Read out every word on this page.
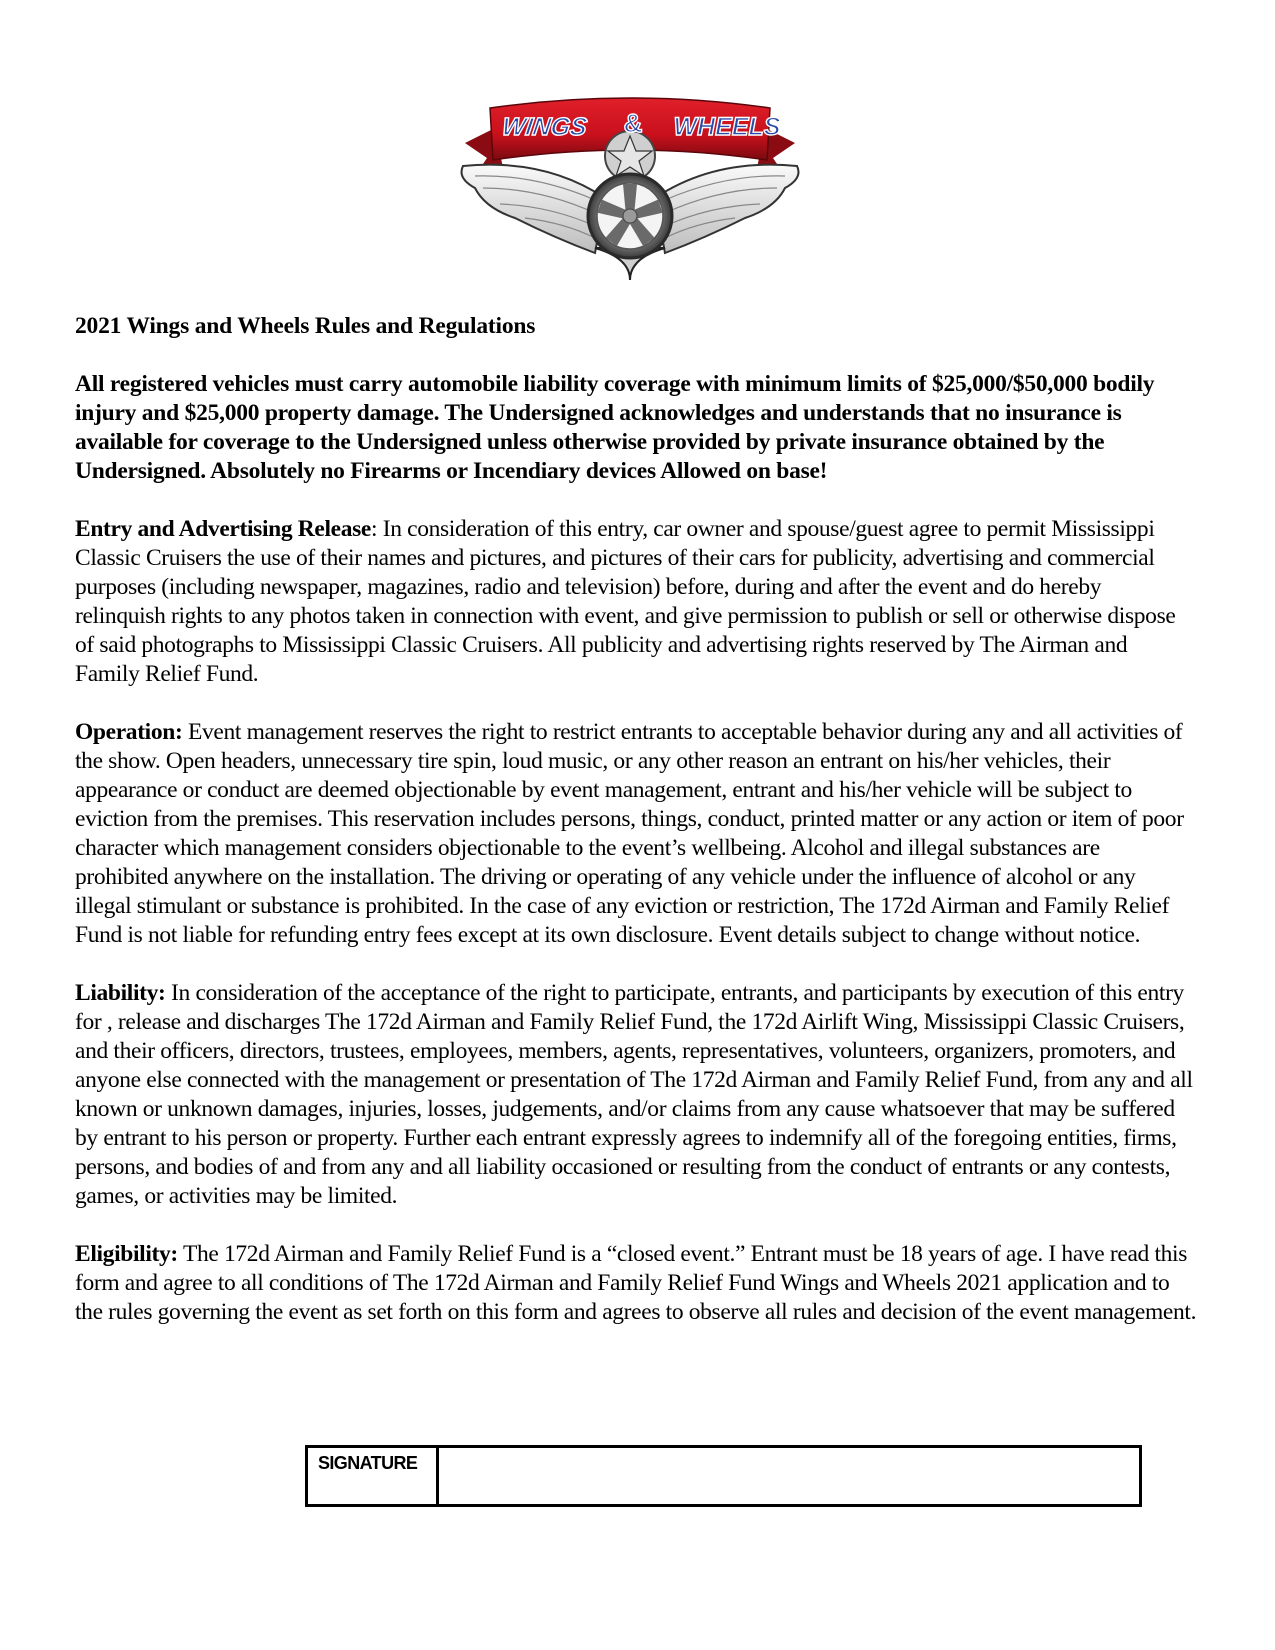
WINGS & WHEELS

2021 Wings and Wheels Rules and Regulations

All registered vehicles must carry automobile liability coverage with minimum limits of $25,000/$50,000 bodily injury and $25,000 property damage. The Undersigned acknowledges and understands that no insurance is available for coverage to the Undersigned unless otherwise provided by private insurance obtained by the Undersigned. Absolutely no Firearms or Incendiary devices Allowed on base!

Entry and Advertising Release: In consideration of this entry, car owner and spouse/guest agree to permit Mississippi Classic Cruisers the use of their names and pictures, and pictures of their cars for publicity, advertising and commercial purposes (including newspaper, magazines, radio and television) before, during and after the event and do hereby relinquish rights to any photos taken in connection with event, and give permission to publish or sell or otherwise dispose of said photographs to Mississippi Classic Cruisers. All publicity and advertising rights reserved by The Airman and Family Relief Fund.

Operation: Event management reserves the right to restrict entrants to acceptable behavior during any and all activities of the show. Open headers, unnecessary tire spin, loud music, or any other reason an entrant on his/her vehicles, their appearance or conduct are deemed objectionable by event management, entrant and his/her vehicle will be subject to eviction from the premises. This reservation includes persons, things, conduct, printed matter or any action or item of poor character which management considers objectionable to the event’s wellbeing. Alcohol and illegal substances are prohibited anywhere on the installation. The driving or operating of any vehicle under the influence of alcohol or any illegal stimulant or substance is prohibited. In the case of any eviction or restriction, The 172d Airman and Family Relief Fund is not liable for refunding entry fees except at its own disclosure. Event details subject to change without notice.

Liability: In consideration of the acceptance of the right to participate, entrants, and participants by execution of this entry for , release and discharges The 172d Airman and Family Relief Fund, the 172d Airlift Wing, Mississippi Classic Cruisers, and their officers, directors, trustees, employees, members, agents, representatives, volunteers, organizers, promoters, and anyone else connected with the management or presentation of The 172d Airman and Family Relief Fund, from any and all known or unknown damages, injuries, losses, judgements, and/or claims from any cause whatsoever that may be suffered by entrant to his person or property. Further each entrant expressly agrees to indemnify all of the foregoing entities, firms, persons, and bodies of and from any and all liability occasioned or resulting from the conduct of entrants or any contests, games, or activities may be limited.

Eligibility: The 172d Airman and Family Relief Fund is a “closed event.” Entrant must be 18 years of age. I have read this form and agree to all conditions of The 172d Airman and Family Relief Fund Wings and Wheels 2021 application and to the rules governing the event as set forth on this form and agrees to observe all rules and decision of the event management.

SIGNATURE
